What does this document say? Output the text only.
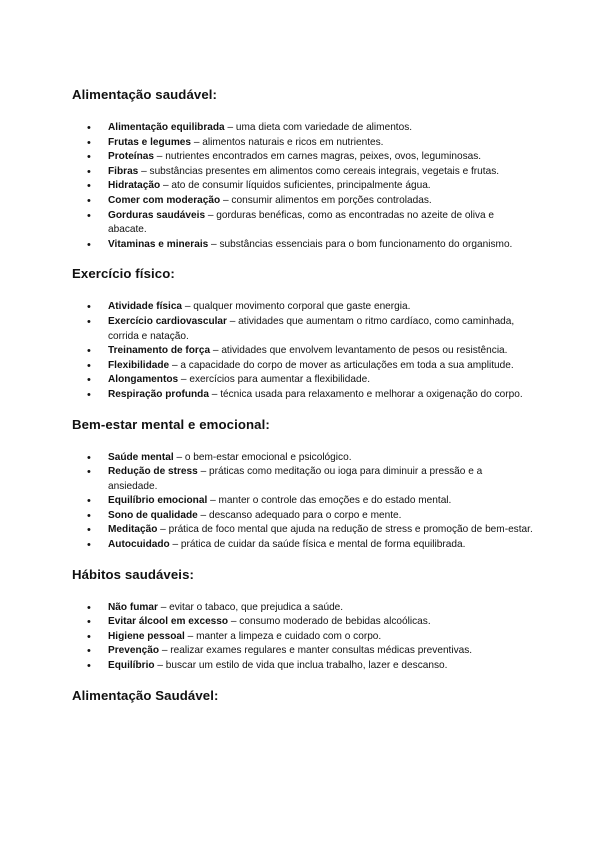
Alimentação saudável:
• Alimentação equilibrada – uma dieta com variedade de alimentos.
• Frutas e legumes – alimentos naturais e ricos em nutrientes.
• Proteínas – nutrientes encontrados em carnes magras, peixes, ovos, leguminosas.
• Fibras – substâncias presentes em alimentos como cereais integrais, vegetais e frutas.
• Hidratação – ato de consumir líquidos suficientes, principalmente água.
• Comer com moderação – consumir alimentos em porções controladas.
• Gorduras saudáveis – gorduras benéficas, como as encontradas no azeite de oliva e abacate.
• Vitaminas e minerais – substâncias essenciais para o bom funcionamento do organismo.
Exercício físico:
• Atividade física – qualquer movimento corporal que gaste energia.
• Exercício cardiovascular – atividades que aumentam o ritmo cardíaco, como caminhada, corrida e natação.
• Treinamento de força – atividades que envolvem levantamento de pesos ou resistência.
• Flexibilidade – a capacidade do corpo de mover as articulações em toda a sua amplitude.
• Alongamentos – exercícios para aumentar a flexibilidade.
• Respiração profunda – técnica usada para relaxamento e melhorar a oxigenação do corpo.
Bem-estar mental e emocional:
• Saúde mental – o bem-estar emocional e psicológico.
• Redução de stress – práticas como meditação ou ioga para diminuir a pressão e a ansiedade.
• Equilíbrio emocional – manter o controle das emoções e do estado mental.
• Sono de qualidade – descanso adequado para o corpo e mente.
• Meditação – prática de foco mental que ajuda na redução de stress e promoção de bem-estar.
• Autocuidado – prática de cuidar da saúde física e mental de forma equilibrada.
Hábitos saudáveis:
• Não fumar – evitar o tabaco, que prejudica a saúde.
• Evitar álcool em excesso – consumo moderado de bebidas alcoólicas.
• Higiene pessoal – manter a limpeza e cuidado com o corpo.
• Prevenção – realizar exames regulares e manter consultas médicas preventivas.
• Equilíbrio – buscar um estilo de vida que inclua trabalho, lazer e descanso.
Alimentação Saudável:
